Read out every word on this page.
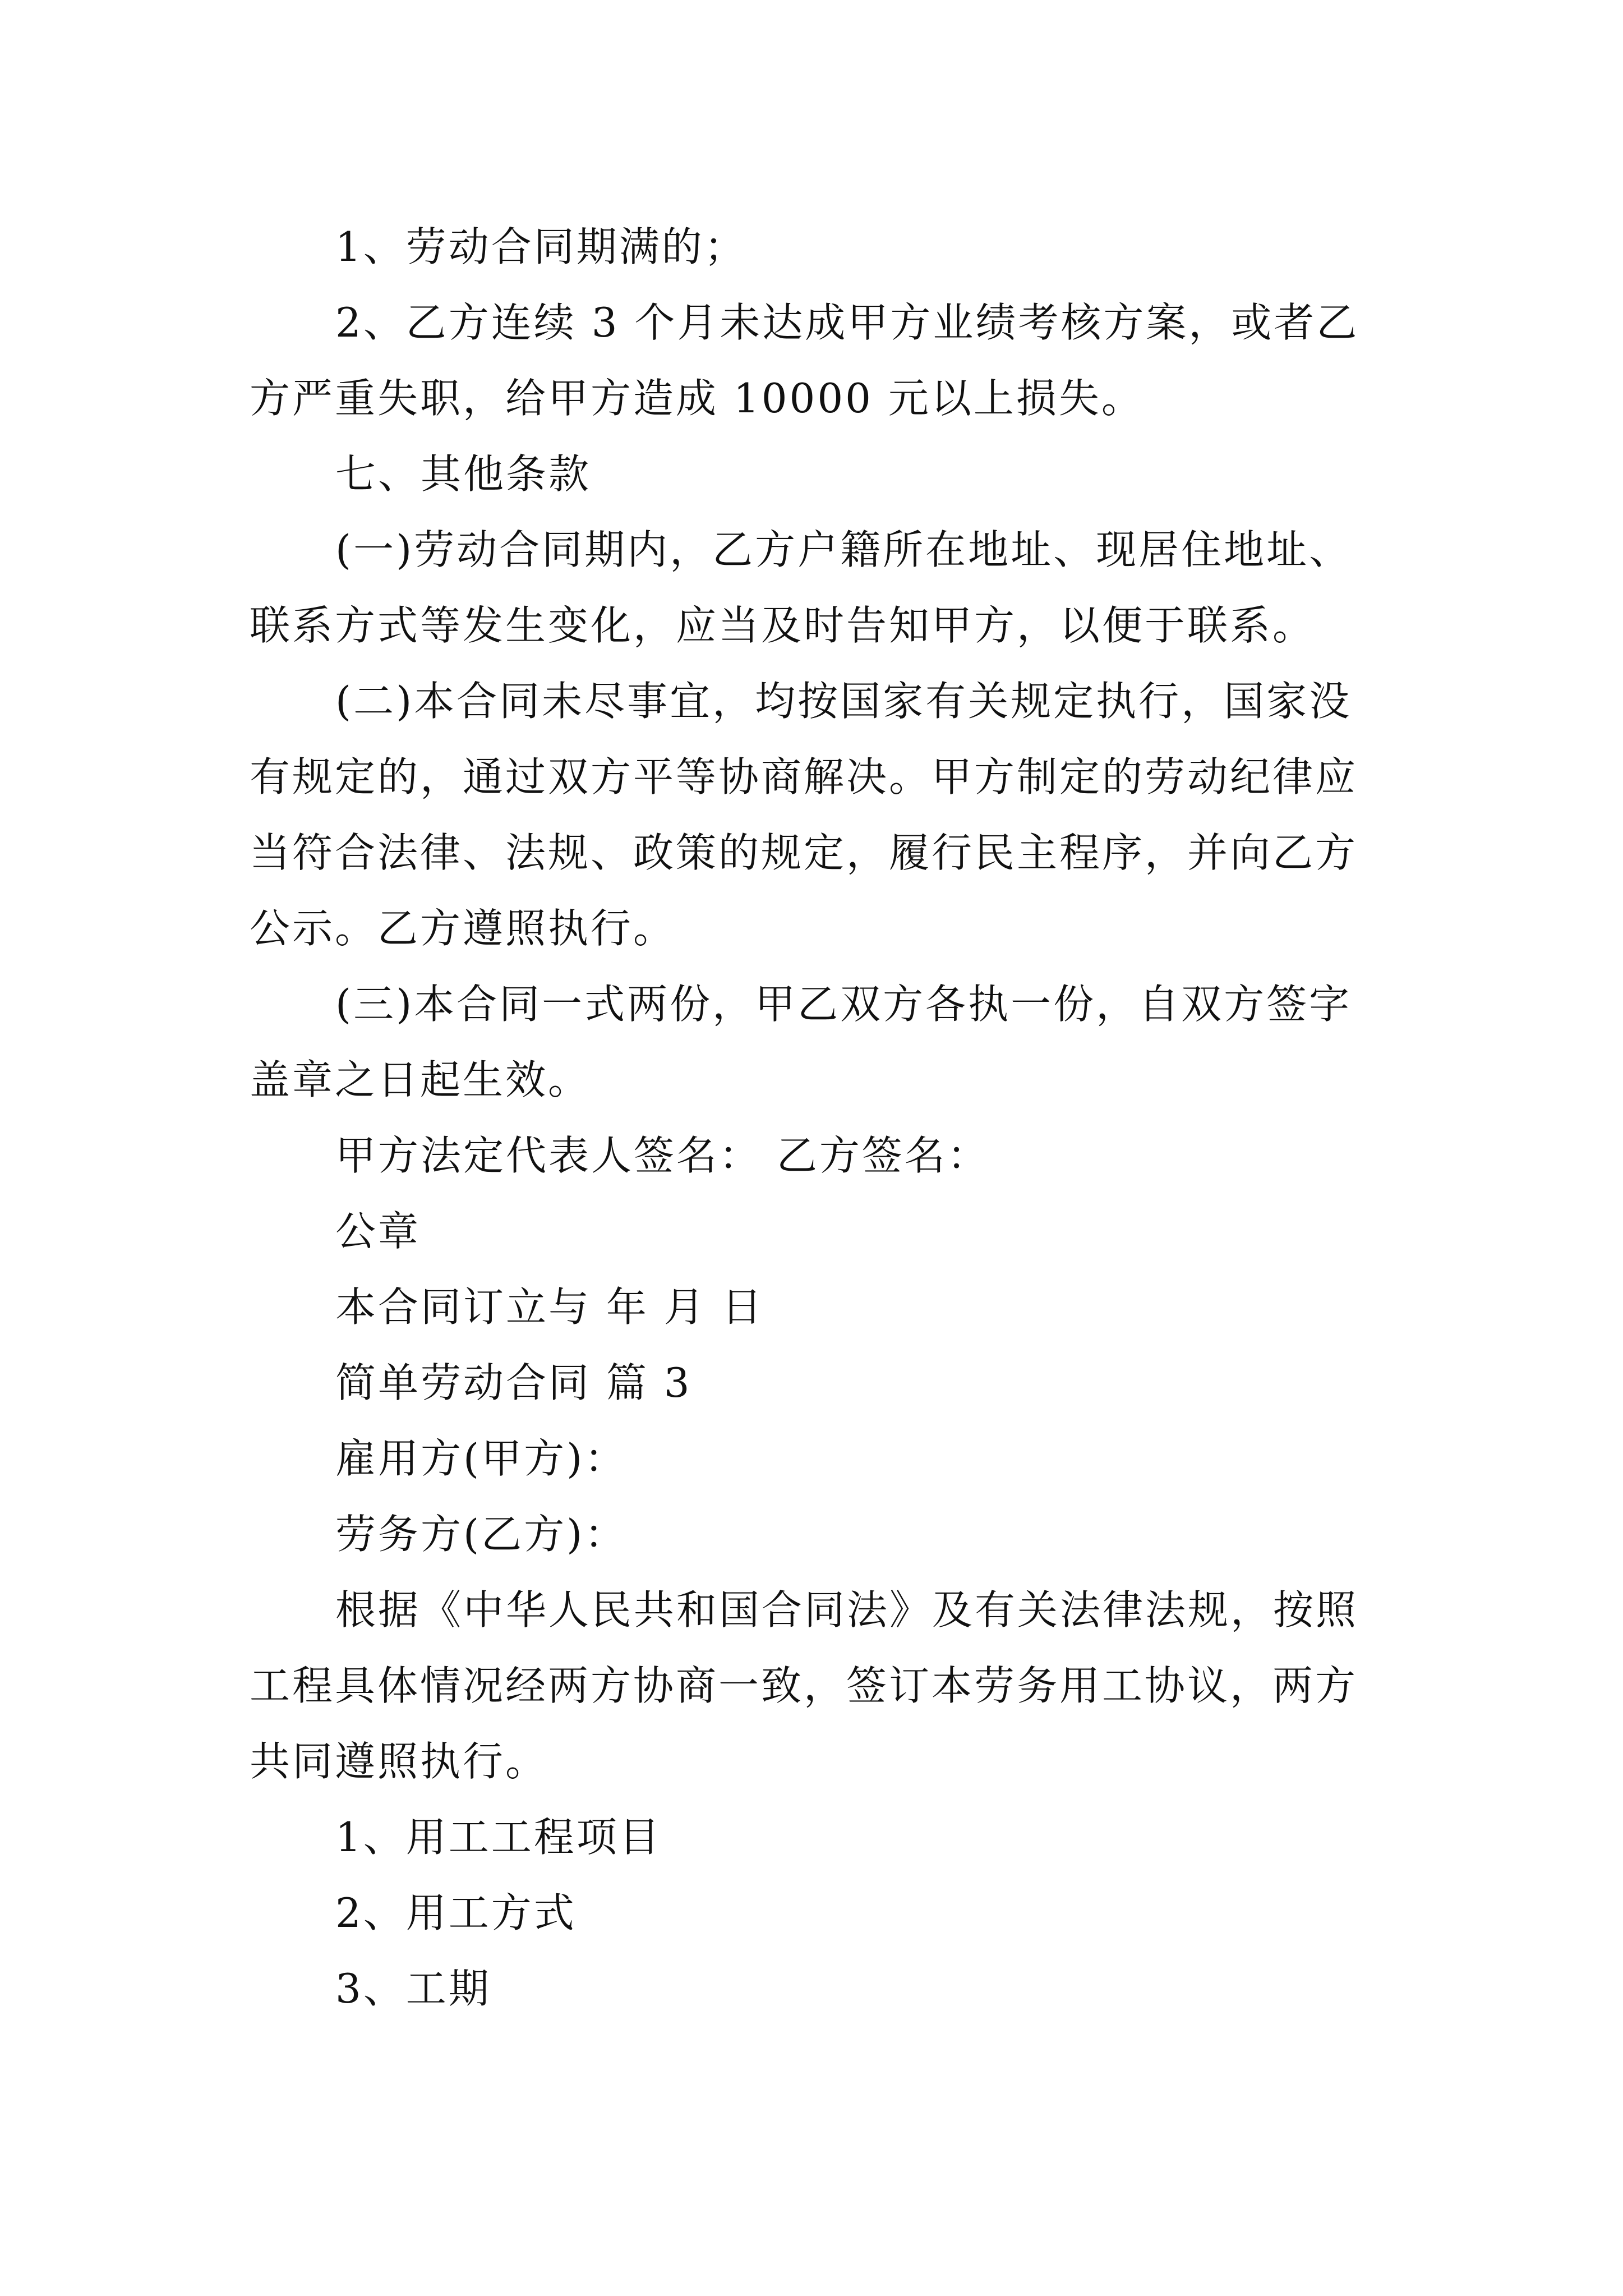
1、劳动合同期满的；
2、乙方连续 3 个月未达成甲方业绩考核方案，或者乙
方严重失职，给甲方造成 10000 元以上损失。
七、其他条款
(一)劳动合同期内，乙方户籍所在地址、现居住地址、
联系方式等发生变化，应当及时告知甲方，以便于联系。
(二)本合同未尽事宜，均按国家有关规定执行，国家没
有规定的，通过双方平等协商解决。甲方制定的劳动纪律应
当符合法律、法规、政策的规定，履行民主程序，并向乙方
公示。乙方遵照执行。
(三)本合同一式两份，甲乙双方各执一份，自双方签字
盖章之日起生效。
甲方法定代表人签名： 乙方签名：
公章
本合同订立与 年 月 日
简单劳动合同 篇 3
雇用方(甲方)：
劳务方(乙方)：
根据《中华人民共和国合同法》及有关法律法规，按照
工程具体情况经两方协商一致，签订本劳务用工协议，两方
共同遵照执行。
1、用工工程项目
2、用工方式
3、工期
